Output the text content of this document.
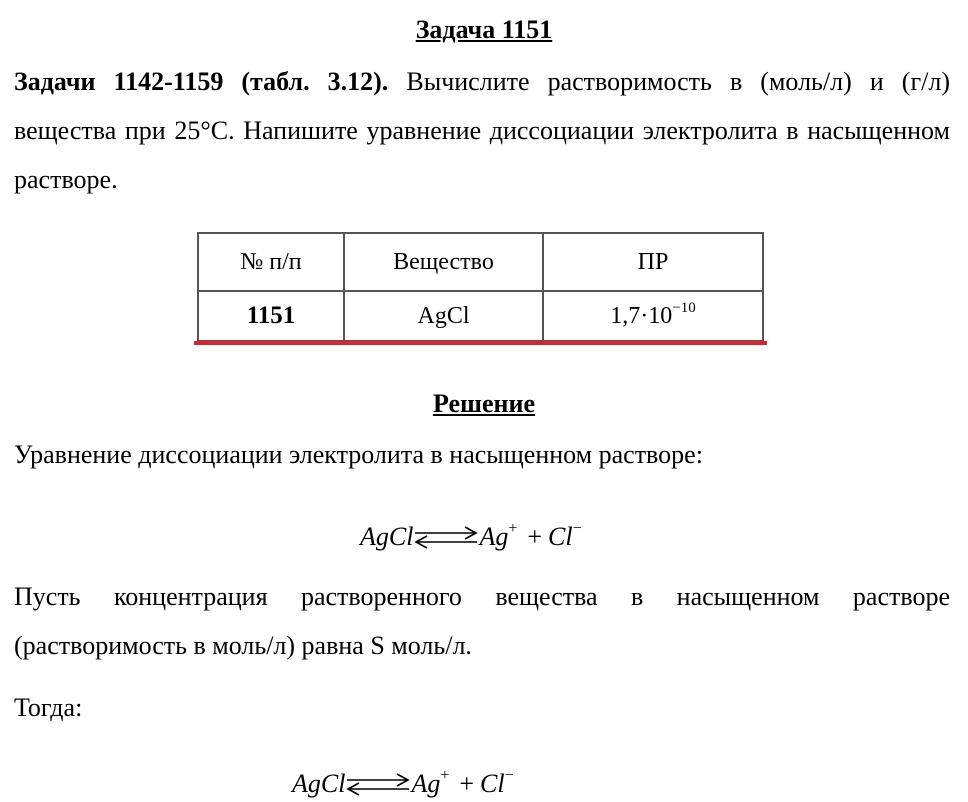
Задача 1151

Задачи 1142-1159 (табл. 3.12). Вычислите растворимость в (моль/л) и (г/л) вещества при 25°С. Напишите уравнение диссоциации электролита в насыщенном растворе.

№ п/п	Вещество	ПР
1151	AgCl	$1,7\cdot 10^{-10}$
Решение
Уравнение диссоциации электролита в насыщенном растворе:
AgCl⇌Ag+ + Cl−

Пусть концентрация растворенного вещества в насыщенном растворе (растворимость в моль/л) равна S моль/л.

Тогда:
AgCl⇌Ag+ + Cl−
